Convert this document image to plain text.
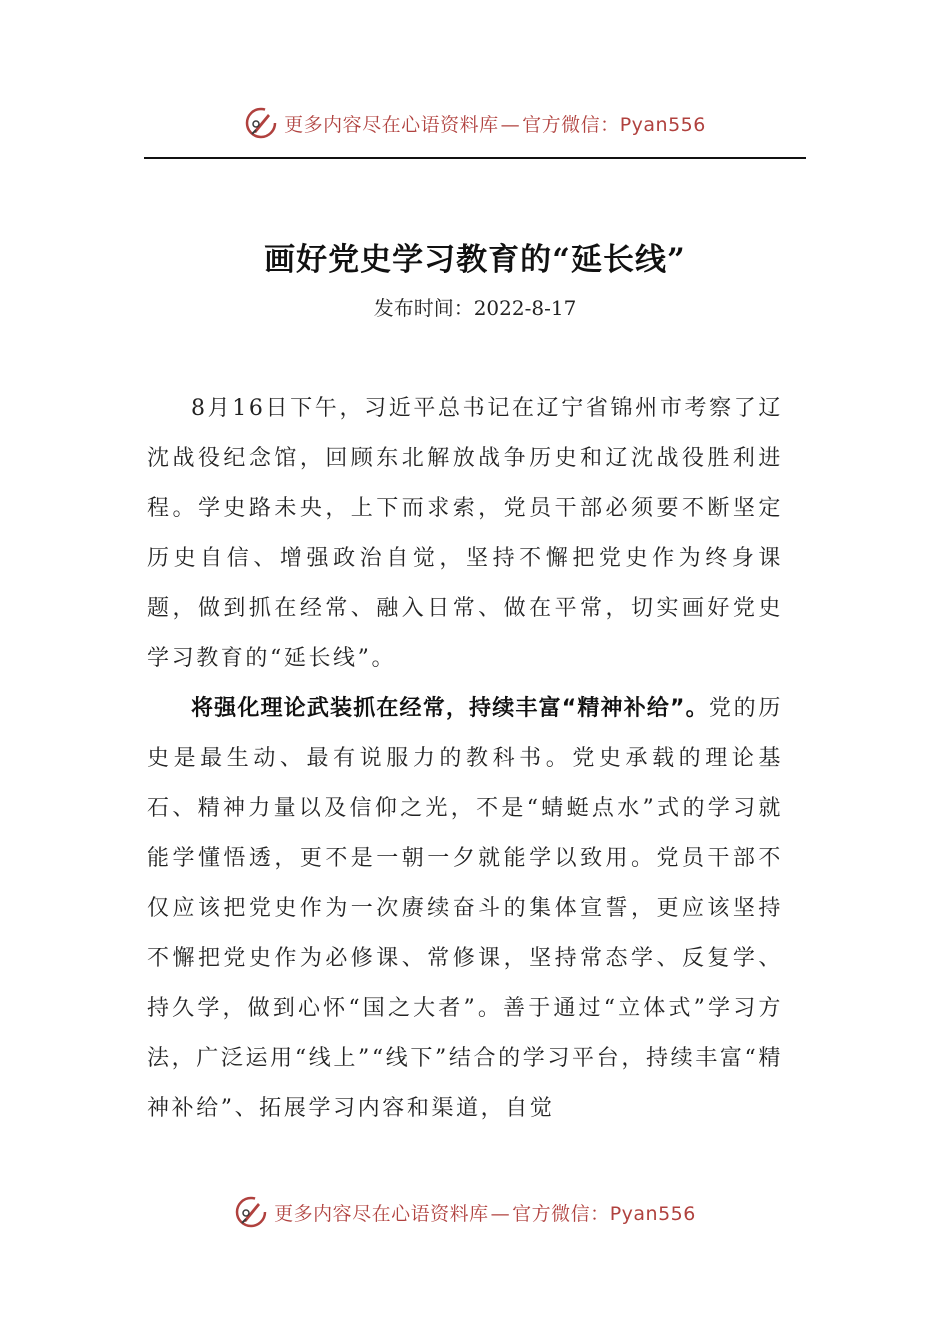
更多内容尽在心语资料库 — 官方微信：Pyan556
画好党史学习教育的“延长线”
发布时间：2022-8-17

8月16日下午，习近平总书记在辽宁省锦州市考察了辽沈战役纪念馆，回顾东北解放战争历史和辽沈战役胜利进程。学史路未央，上下而求索，党员干部必须要不断坚定历史自信、增强政治自觉，坚持不懈把党史作为终身课题，做到抓在经常、融入日常、做在平常，切实画好党史学习教育的“延长线”。

将强化理论武装抓在经常，持续丰富“精神补给”。党的历史是最生动、最有说服力的教科书。党史承载的理论基石、精神力量以及信仰之光，不是“蜻蜓点水”式的学习就能学懂悟透，更不是一朝一夕就能学以致用。党员干部不仅应该把党史作为一次赓续奋斗的集体宣誓，更应该坚持不懈把党史作为必修课、常修课，坚持常态学、反复学、持久学，做到心怀“国之大者”。善于通过“立体式”学习方法，广泛运用“线上”“线下”结合的学习平台，持续丰富“精神补给”、拓展学习内容和渠道，自觉

更多内容尽在心语资料库 — 官方微信：Pyan556
